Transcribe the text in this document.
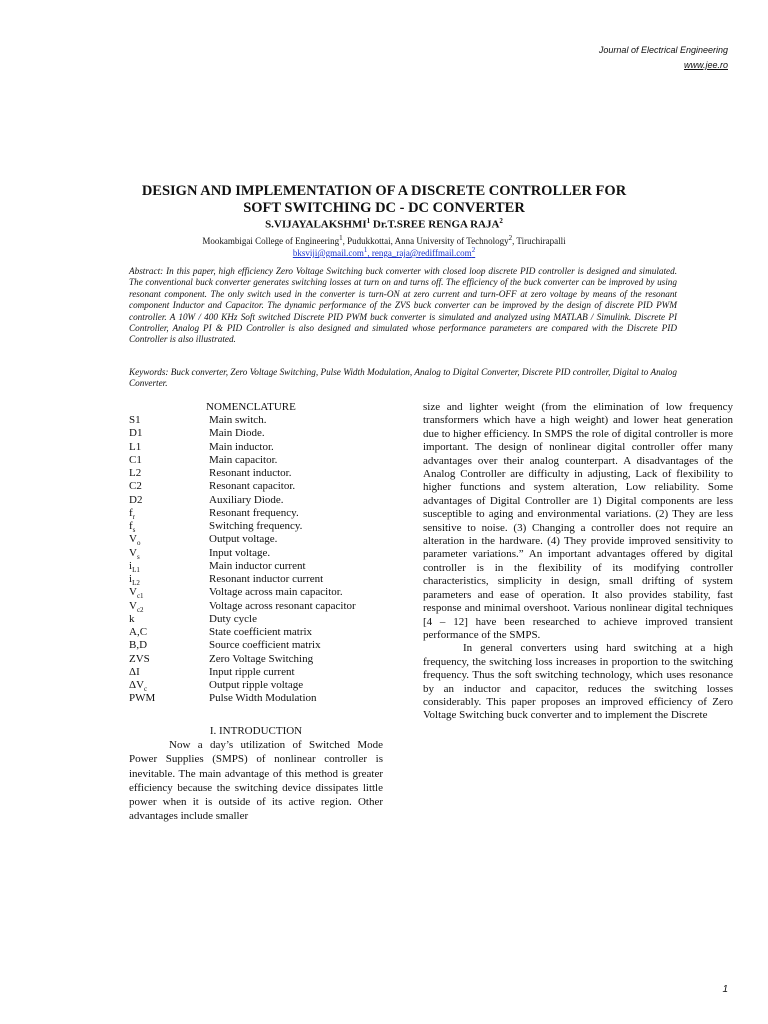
Journal of Electrical Engineering
www.jee.ro
DESIGN AND IMPLEMENTATION OF A DISCRETE CONTROLLER FOR
SOFT SWITCHING DC - DC CONVERTER
S.VIJAYALAKSHMI$^1$ Dr.T.SREE RENGA RAJA$^2$
Mookambigai College of Engineering$^1$, Pudukkottai, Anna University of Technology$^2$, Tiruchirapalli
bksviji@gmail.com$^1$, renga_raja@rediffmail.com$^2$

Abstract: In this paper, high efficiency Zero Voltage Switching buck converter with closed loop discrete PID controller is designed and simulated. The conventional buck converter generates switching losses at turn on and turns off. The efficiency of the buck converter can be improved by using resonant component. The only switch used in the converter is turn-ON at zero current and turn-OFF at zero voltage by means of the resonant component Inductor and Capacitor. The dynamic performance of the ZVS buck converter can be improved by the design of discrete PID PWM controller. A 10W / 400 KHz Soft switched Discrete PID PWM buck converter is simulated and analyzed using MATLAB / Simulink. Discrete PI Controller, Analog PI & PID Controller is also designed and simulated whose performance parameters are compared with the Discrete PID Controller is also illustrated.

Keywords: Buck converter, Zero Voltage Switching, Pulse Width Modulation, Analog to Digital Converter, Discrete PID controller, Digital to Analog Converter.

NOMENCLATURE
S1	Main switch.
D1	Main Diode.
L1	Main inductor.
C1	Main capacitor.
L2	Resonant inductor.
C2	Resonant capacitor.
D2	Auxiliary Diode.
$f_r$	Resonant frequency.
$f_s$	Switching frequency.
$V_o$	Output voltage.
$V_s$	Input voltage.
$i_{L1}$	Main inductor current
$i_{L2}$	Resonant inductor current
$V_{c1}$	Voltage across main capacitor.
$V_{c2}$	Voltage across resonant capacitor
k	Duty cycle
A,C	State coefficient matrix
B,D	Source coefficient matrix
ZVS	Zero Voltage Switching
ΔI	Input ripple current
$\Delta V_c$	Output ripple voltage
PWM	Pulse Width Modulation
I. INTRODUCTION

Now a day’s utilization of Switched Mode Power Supplies (SMPS) of nonlinear controller is inevitable. The main advantage of this method is greater efficiency because the switching device dissipates little power when it is outside of its active region. Other advantages include smaller

size and lighter weight (from the elimination of low frequency transformers which have a high weight) and lower heat generation due to higher efficiency. In SMPS the role of digital controller is more important. The design of nonlinear digital controller offer many advantages over their analog counterpart. A disadvantages of the Analog Controller are difficulty in adjusting, Lack of flexibility to higher functions and system alteration, Low reliability. Some advantages of Digital Controller are 1) Digital components are less susceptible to aging and environmental variations. (2) They are less sensitive to noise. (3) Changing a controller does not require an alteration in the hardware. (4) They provide improved sensitivity to parameter variations.” An important advantages offered by digital controller is in the flexibility of its modifying controller characteristics, simplicity in design, small drifting of system parameters and ease of operation. It also provides stability, fast response and minimal overshoot. Various nonlinear digital techniques [4 – 12] have been researched to achieve improved transient performance of the SMPS.

In general converters using hard switching at a high frequency, the switching loss increases in proportion to the switching frequency. Thus the soft switching technology, which uses resonance by an inductor and capacitor, reduces the switching losses considerably. This paper proposes an improved efficiency of Zero Voltage Switching buck converter and to implement the Discrete

1
